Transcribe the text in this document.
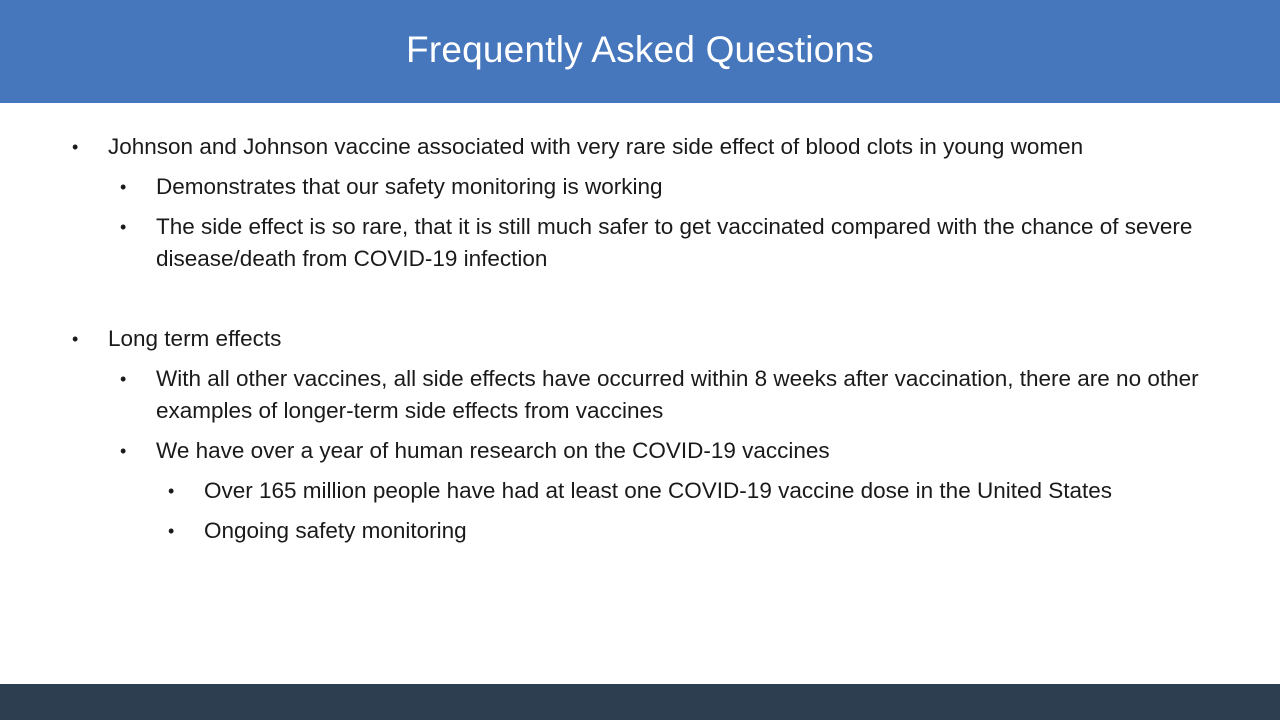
Frequently Asked Questions
• Johnson and Johnson vaccine associated with very rare side effect of blood clots in young women
• Demonstrates that our safety monitoring is working
• The side effect is so rare, that it is still much safer to get vaccinated compared with the chance of severe disease/death from COVID-19 infection
• Long term effects
• With all other vaccines, all side effects have occurred within 8 weeks after vaccination, there are no other examples of longer-term side effects from vaccines
• We have over a year of human research on the COVID-19 vaccines
• Over 165 million people have had at least one COVID-19 vaccine dose in the United States
• Ongoing safety monitoring
